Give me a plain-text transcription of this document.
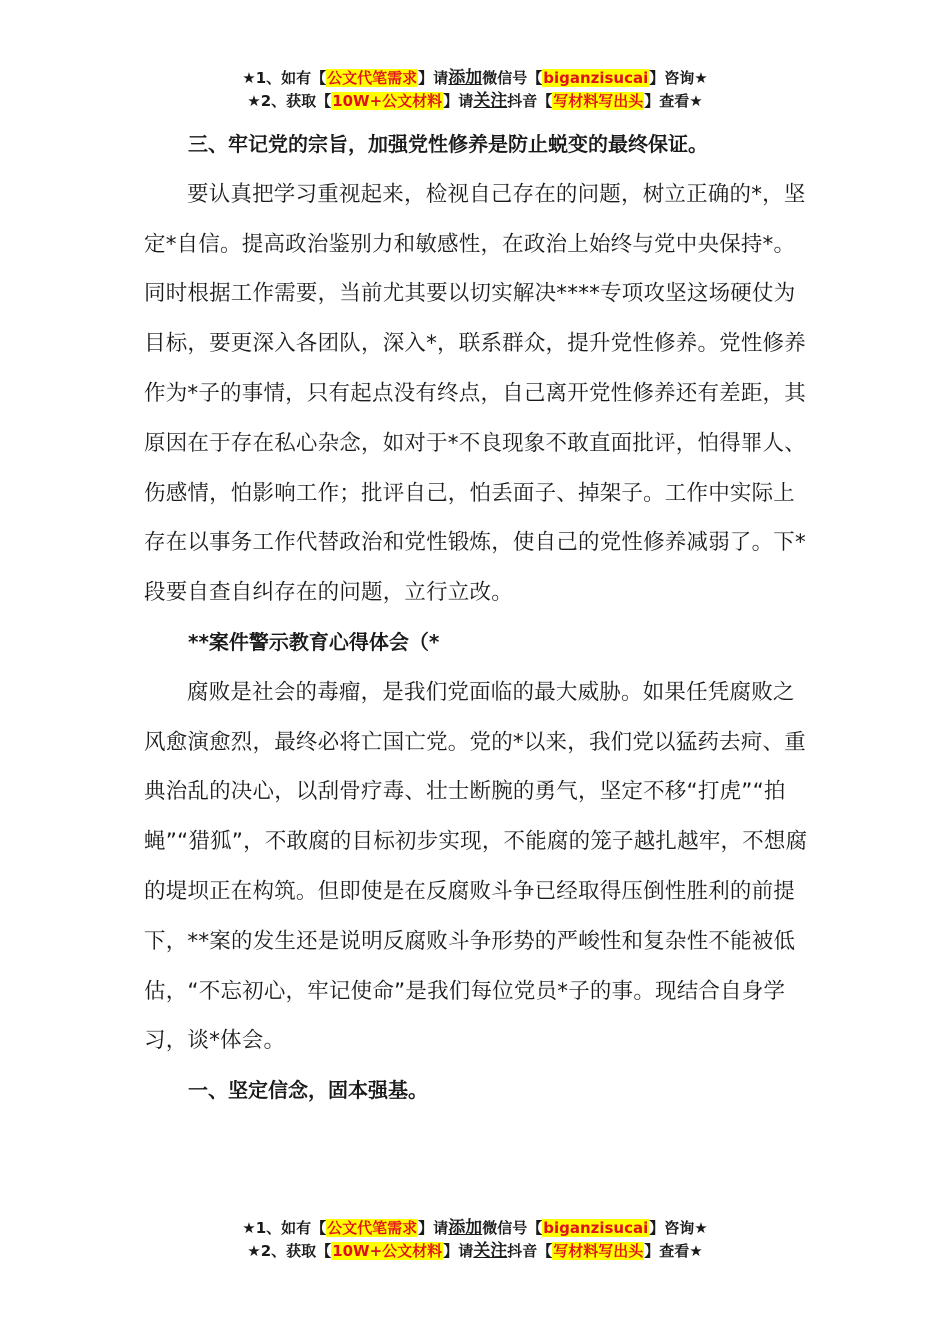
★1、如有【公文代笔需求】请添加微信号【biganzisucai】咨询★
★2、获取【10W+公文材料】请关注抖音【写材料写出头】查看★

三、牢记党的宗旨，加强党性修养是防止蜕变的最终保证。

要认真把学习重视起来，检视自己存在的问题，树立正确的*，坚定*自信。提高政治鉴别力和敏感性，在政治上始终与党中央保持*。同时根据工作需要，当前尤其要以切实解决****专项攻坚这场硬仗为目标，要更深入各团队，深入*，联系群众，提升党性修养。党性修养作为*子的事情，只有起点没有终点，自己离开党性修养还有差距，其原因在于存在私心杂念，如对于*不良现象不敢直面批评，怕得罪人、伤感情，怕影响工作；批评自己，怕丢面子、掉架子。工作中实际上存在以事务工作代替政治和党性锻炼，使自己的党性修养减弱了。下*段要自查自纠存在的问题，立行立改。

**案件警示教育心得体会（*

腐败是社会的毒瘤，是我们党面临的最大威胁。如果任凭腐败之风愈演愈烈，最终必将亡国亡党。党的*以来，我们党以猛药去疴、重典治乱的决心，以刮骨疗毒、壮士断腕的勇气，坚定不移“打虎”“拍蝇”“猎狐”，不敢腐的目标初步实现，不能腐的笼子越扎越牢，不想腐的堤坝正在构筑。但即使是在反腐败斗争已经取得压倒性胜利的前提下，**案的发生还是说明反腐败斗争形势的严峻性和复杂性不能被低估，“不忘初心，牢记使命”是我们每位党员*子的事。现结合自身学习，谈*体会。

一、坚定信念，固本强基。

★1、如有【公文代笔需求】请添加微信号【biganzisucai】咨询★
★2、获取【10W+公文材料】请关注抖音【写材料写出头】查看★
